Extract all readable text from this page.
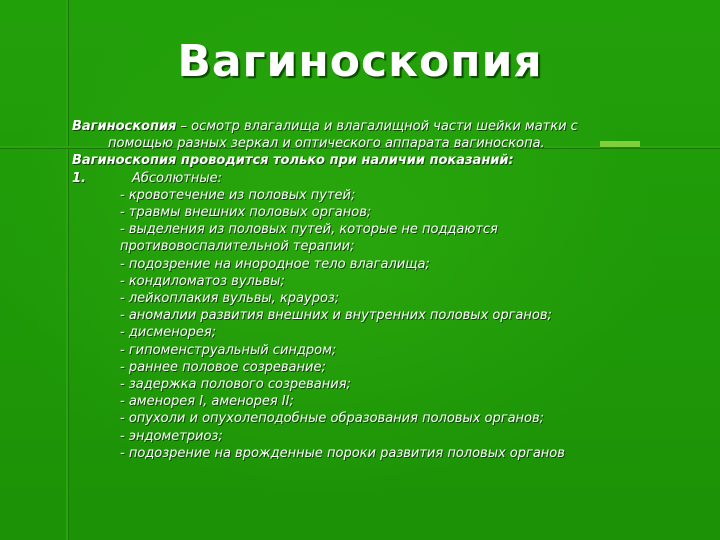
Вагиноскопия

Вагиноскопия – осмотр влагалища и влагалищной части шейки матки с

помощью разных зеркал и оптического аппарата вагиноскопа.

Вагиноскопия проводится только при наличии показаний:

1.	Абсолютные:

- кровотечение из половых путей;

- травмы внешних половых органов;

- выделения из половых путей, которые не поддаются

противовоспалительной терапии;

- подозрение на инородное тело влагалища;

- кондиломатоз вульвы;

- лейкоплакия вульвы, крауроз;

- аномалии развития внешних и внутренних половых органов;

- дисменорея;

- гипоменструальный синдром;

- раннее половое созревание;

- задержка полового созревания;

- аменорея І, аменорея ІІ;

- опухоли и опухолеподобные образования половых органов;

- эндометриоз;

- подозрение на врожденные пороки развития половых органов
